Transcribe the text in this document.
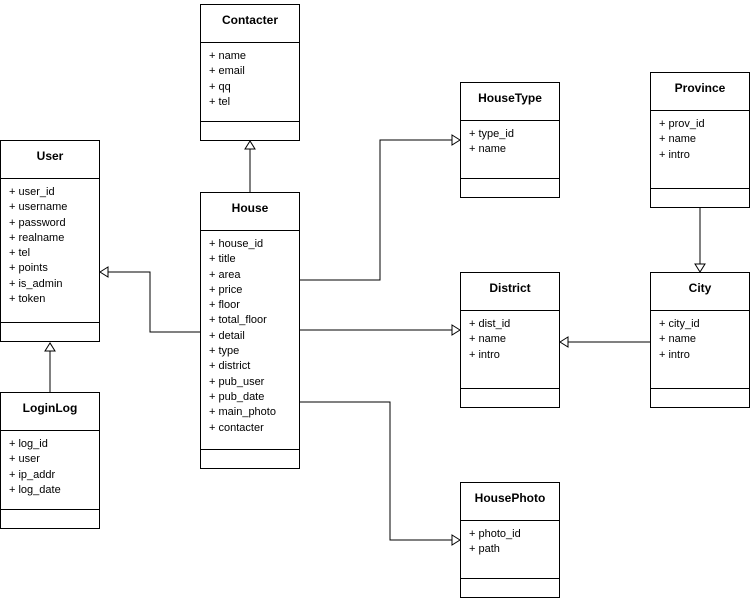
Contacter
+ name
+ email
+ qq
+ tel	HouseType
+ type_id
+ name
Province
+ prov_id
+ name
+ intro
User
+ user_id
+ username
+ password
+ realname
+ tel
+ points
+ is_admin
+ token
House
+ house_id
+ title
+ area
+ price
+ floor
+ total_floor
+ detail
+ type
+ district
+ pub_user
+ pub_date
+ main_photo
+ contacter
District
+ dist_id
+ name
+ intro
City
+ city_id
+ name
+ intro
LoginLog
+ log_id
+ user
+ ip_addr
+ log_date
HousePhoto
+ photo_id
+ path
